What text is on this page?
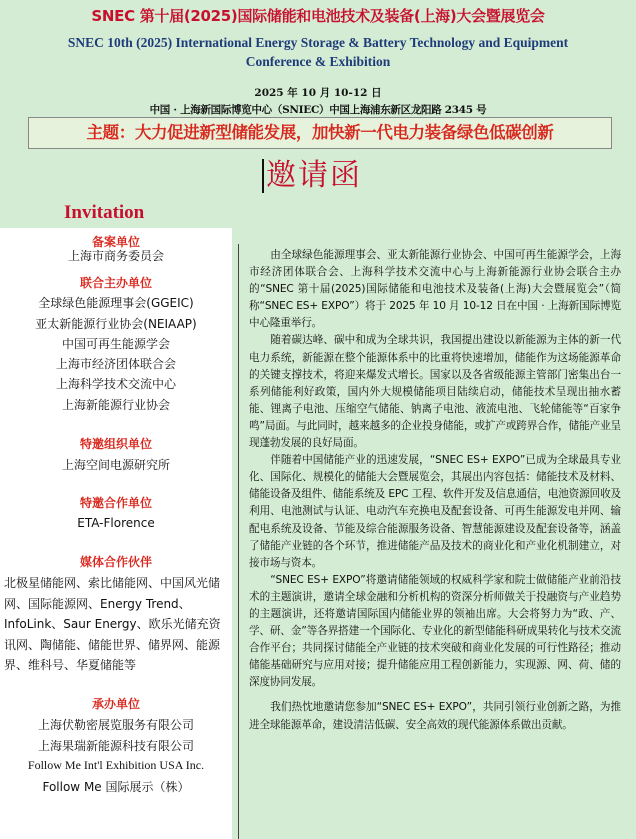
SNEC 第十届(2025)国际储能和电池技术及装备(上海)大会暨展览会
SNEC 10th (2025) International Energy Storage & Battery Technology and Equipment Conference & Exhibition
2025 年 10 月 10-12 日
中国 · 上海新国际博览中心（SNIEC）中国上海浦东新区龙阳路 2345 号
主题：大力促进新型储能发展，加快新一代电力装备绿色低碳创新
邀请函
Invitation
备案单位
上海市商务委员会
联合主办单位
全球绿色能源理事会(GGEIC)
亚太新能源行业协会(NEIAAP)
中国可再生能源学会
上海市经济团体联合会
上海科学技术交流中心
上海新能源行业协会
特邀组织单位
上海空间电源研究所
特邀合作单位
ETA-Florence
媒体合作伙伴
北极星储能网、索比储能网、中国风光储网、国际能源网、Energy Trend、InfoLink、Saur Energy、欧乐光储充资讯网、陶储能、储能世界、储界网、能源界、维科号、华夏储能等
承办单位
上海伏勒密展览服务有限公司
上海果瑞新能源科技有限公司
Follow Me Int'l Exhibition USA Inc.
Follow Me 国际展示（株）

由全球绿色能源理事会、亚太新能源行业协会、中国可再生能源学会，上海市经济团体联合会、上海科学技术交流中心与上海新能源行业协会联合主办的“SNEC 第十届(2025)国际储能和电池技术及装备(上海)大会暨展览会”（简称“SNEC ES+ EXPO”）将于 2025 年 10 月 10-12 日在中国 · 上海新国际博览中心隆重举行。

随着碳达峰、碳中和成为全球共识，我国提出建设以新能源为主体的新一代电力系统，新能源在整个能源体系中的比重将快速增加，储能作为这场能源革命的关键支撑技术，将迎来爆发式增长。国家以及各省级能源主管部门密集出台一系列储能利好政策，国内外大规模储能项目陆续启动，储能技术呈现出抽水蓄能、锂离子电池、压缩空气储能、钠离子电池、液流电池、飞轮储能等“百家争鸣”局面。与此同时，越来越多的企业投身储能，或扩产或跨界合作，储能产业呈现蓬勃发展的良好局面。

伴随着中国储能产业的迅速发展，“SNEC ES+ EXPO”已成为全球最具专业化、国际化、规模化的储能大会暨展览会，其展出内容包括：储能技术及材料、储能设备及组件、储能系统及 EPC 工程、软件开发及信息通信，电池资源回收及利用、电池测试与认证、电动汽车充换电及配套设备、可再生能源发电并网、输配电系统及设备、节能及综合能源服务设备、智慧能源建设及配套设备等，涵盖了储能产业链的各个环节，推进储能产品及技术的商业化和产业化机制建立，对接市场与资本。

“SNEC ES+ EXPO”将邀请储能领域的权威科学家和院士做储能产业前沿技术的主题演讲，邀请全球金融和分析机构的资深分析师做关于投融资与产业趋势的主题演讲，还将邀请国际国内储能业界的领袖出席。大会将努力为“政、产、学、研、金”等各界搭建一个国际化、专业化的新型储能科研成果转化与技术交流合作平台；共同探讨储能全产业链的技术突破和商业化发展的可行性路径；推动储能基础研究与应用对接；提升储能应用工程创新能力，实现源、网、荷、储的深度协同发展。

我们热忱地邀请您参加“SNEC ES+ EXPO”，共同引领行业创新之路，为推进全球能源革命，建设清洁低碳、安全高效的现代能源体系做出贡献。
